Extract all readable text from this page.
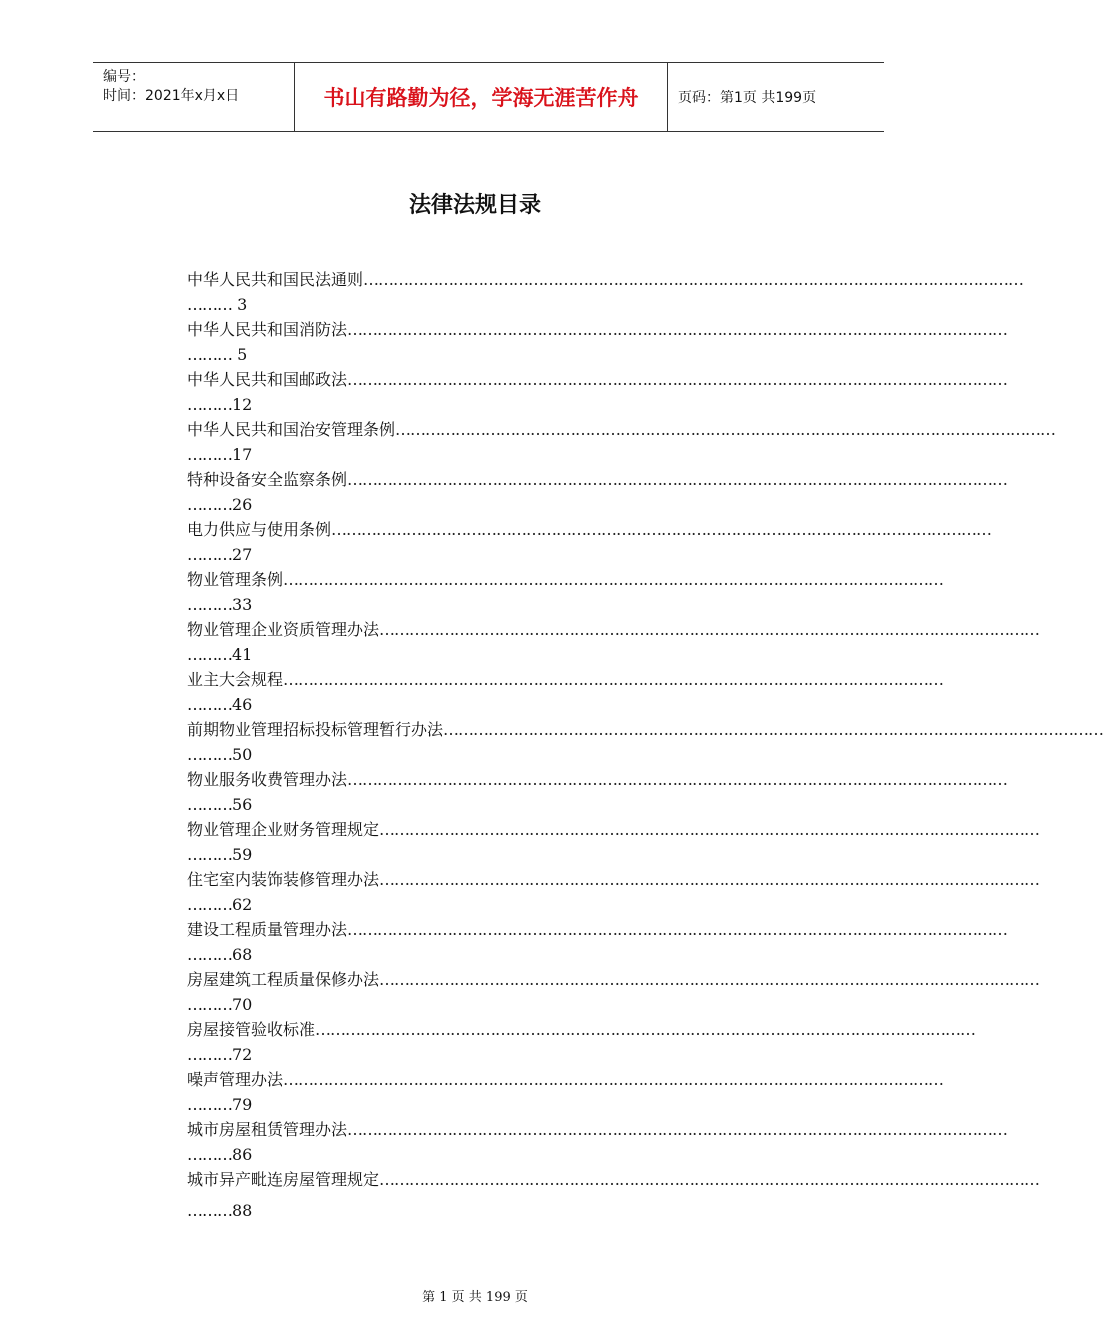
编号：
时间：2021年x月x日	书山有路勤为径，学海无涯苦作舟	页码：第1页 共199页
法律法规目录
中华人民共和国民法通则 ……………………………………………………………………………………………………………………
……… 3
中华人民共和国消防法 ……………………………………………………………………………………………………………………
……… 5
中华人民共和国邮政法 ……………………………………………………………………………………………………………………
………12
中华人民共和国治安管理条例 ……………………………………………………………………………………………………………………
………17
特种设备安全监察条例 ……………………………………………………………………………………………………………………
………26
电力供应与使用条例 ……………………………………………………………………………………………………………………
………27
物业管理条例 ……………………………………………………………………………………………………………………
………33
物业管理企业资质管理办法 ……………………………………………………………………………………………………………………
………41
业主大会规程 ……………………………………………………………………………………………………………………
………46
前期物业管理招标投标管理暂行办法 ……………………………………………………………………………………………………………………
………50
物业服务收费管理办法 ……………………………………………………………………………………………………………………
………56
物业管理企业财务管理规定 ……………………………………………………………………………………………………………………
………59
住宅室内装饰装修管理办法 ……………………………………………………………………………………………………………………
………62
建设工程质量管理办法 ……………………………………………………………………………………………………………………
………68
房屋建筑工程质量保修办法 ……………………………………………………………………………………………………………………
………70
房屋接管验收标准 ……………………………………………………………………………………………………………………
………72
噪声管理办法 ……………………………………………………………………………………………………………………
………79
城市房屋租赁管理办法 ……………………………………………………………………………………………………………………
………86
城市异产毗连房屋管理规定 ……………………………………………………………………………………………………………………
………88
第 1 页 共 199 页
